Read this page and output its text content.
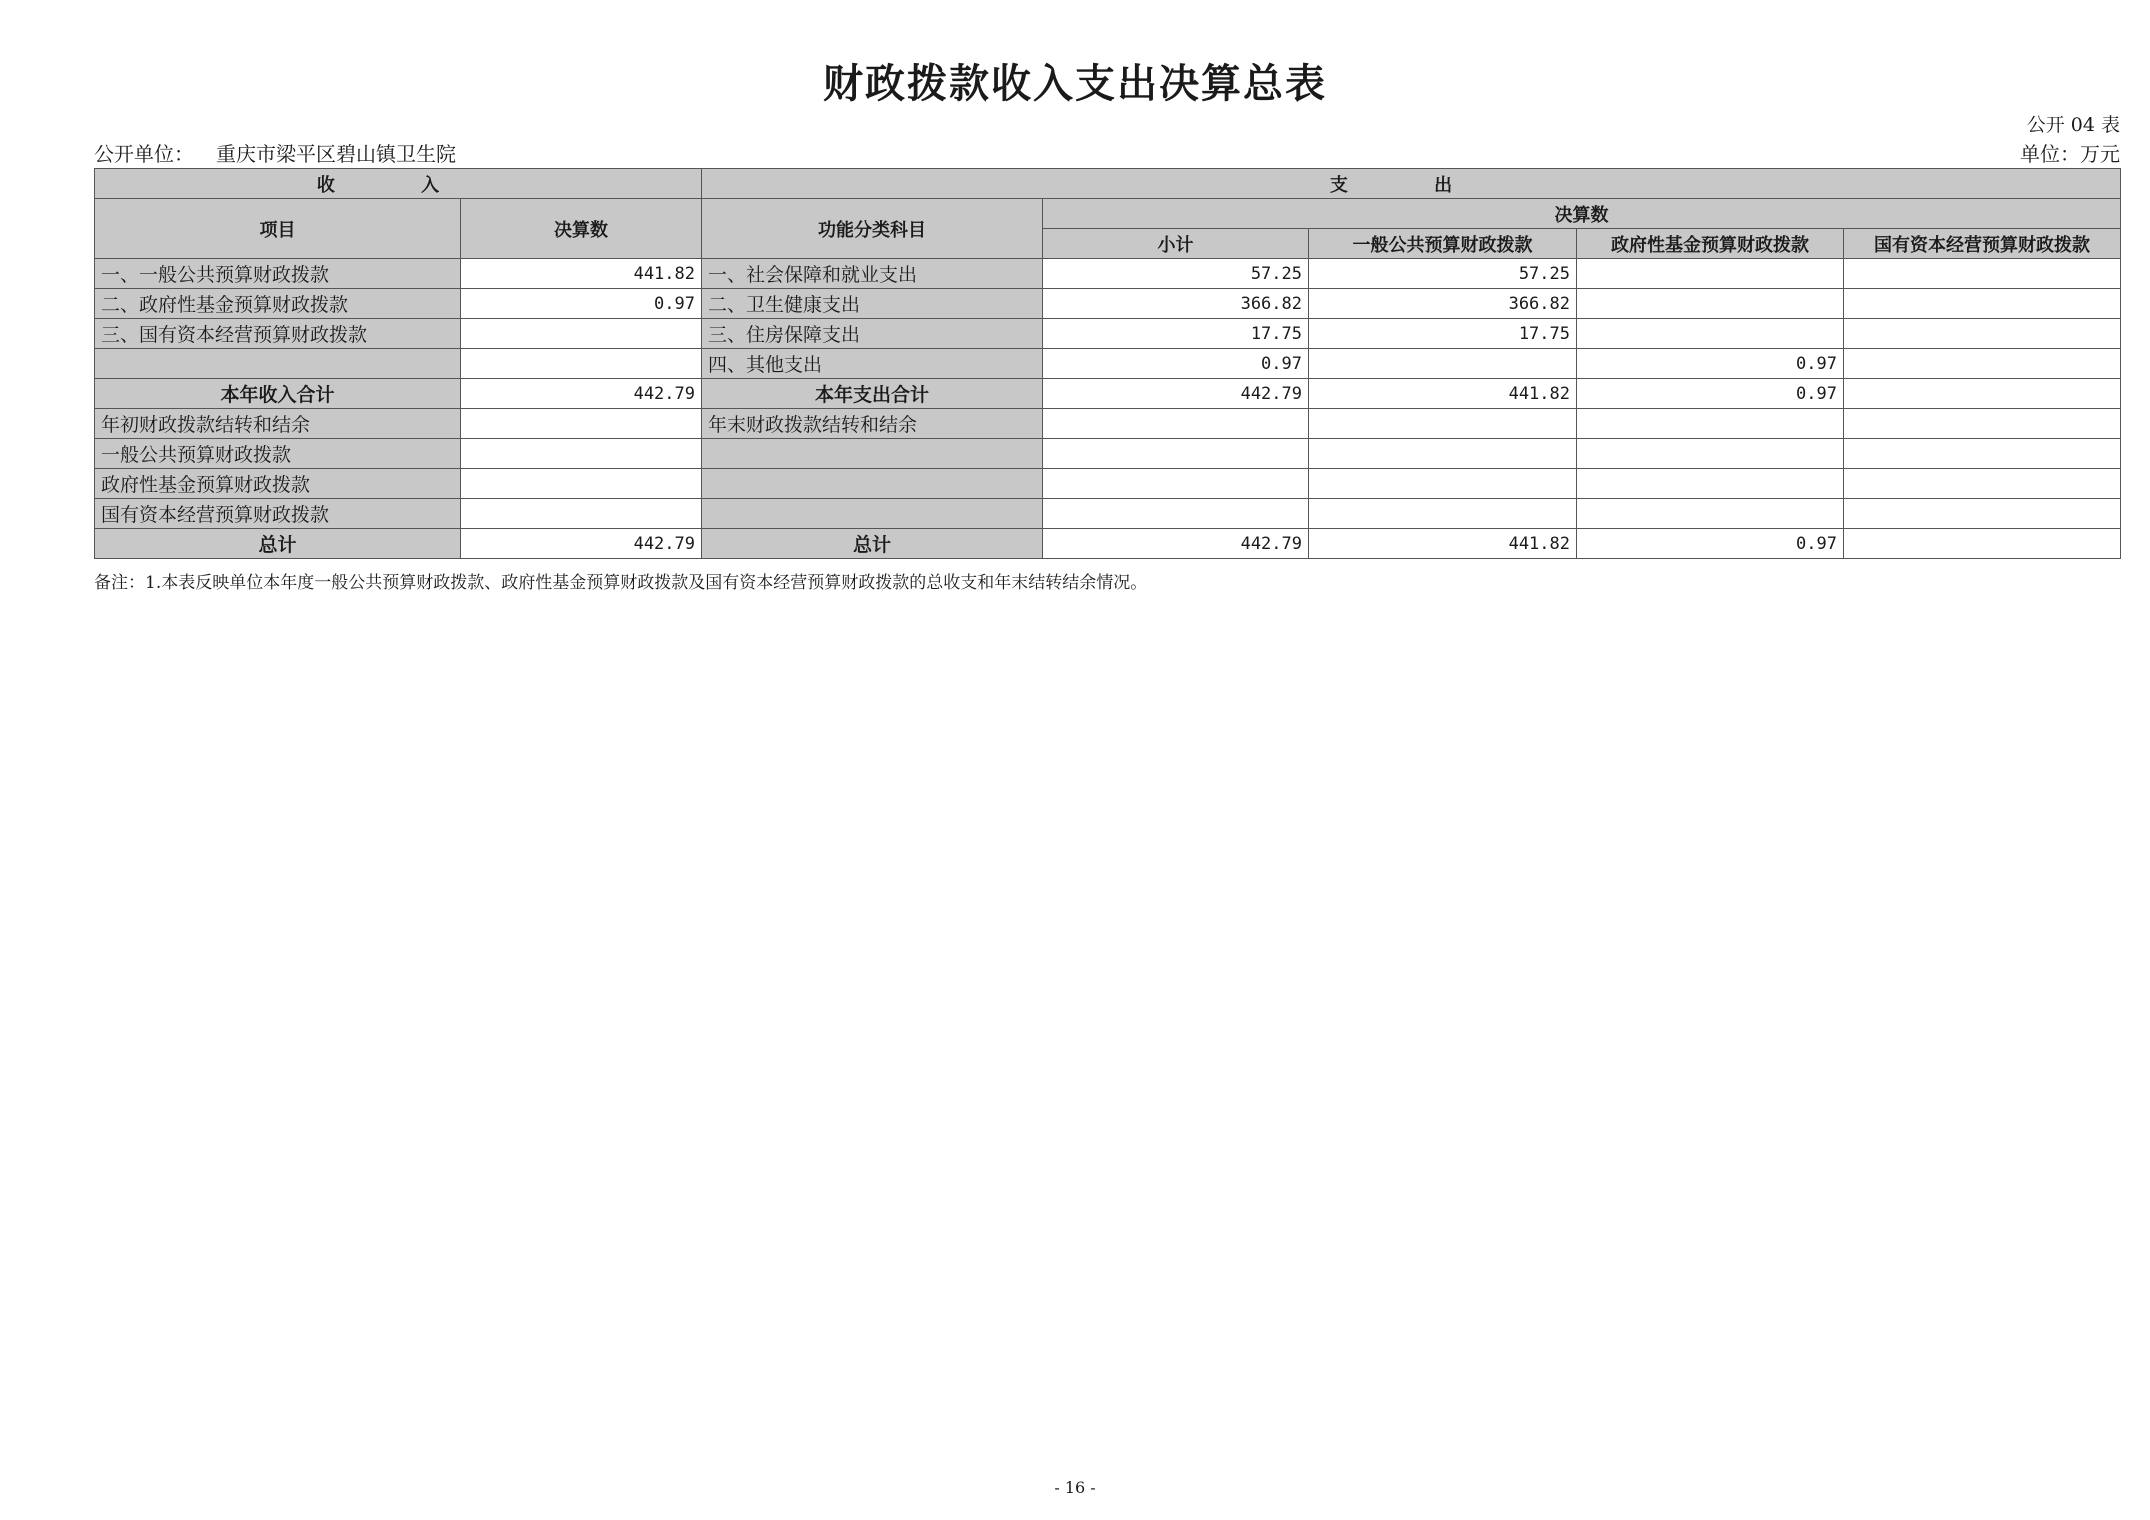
财政拨款收入支出决算总表
公开 04 表
公开单位： 重庆市梁平区碧山镇卫生院	单位：万元
收 入		支 出				
项目	决算数	功能分类科目	决算数			
			小计	一般公共预算财政拨款	政府性基金预算财政拨款	国有资本经营预算财政拨款
一、一般公共预算财政拨款	441.82	一、社会保障和就业支出	57.25	57.25		
二、政府性基金预算财政拨款	0.97	二、卫生健康支出	366.82	366.82		
三、国有资本经营预算财政拨款		三、住房保障支出	17.75	17.75		
		四、其他支出	0.97		0.97	
本年收入合计	442.79	本年支出合计	442.79	441.82	0.97	
年初财政拨款结转和结余		年末财政拨款结转和结余				
一般公共预算财政拨款						
政府性基金预算财政拨款						
国有资本经营预算财政拨款						
总计	442.79	总计	442.79	441.82	0.97	
备注：1.本表反映单位本年度一般公共预算财政拨款、政府性基金预算财政拨款及国有资本经营预算财政拨款的总收支和年末结转结余情况。
- 16 -
